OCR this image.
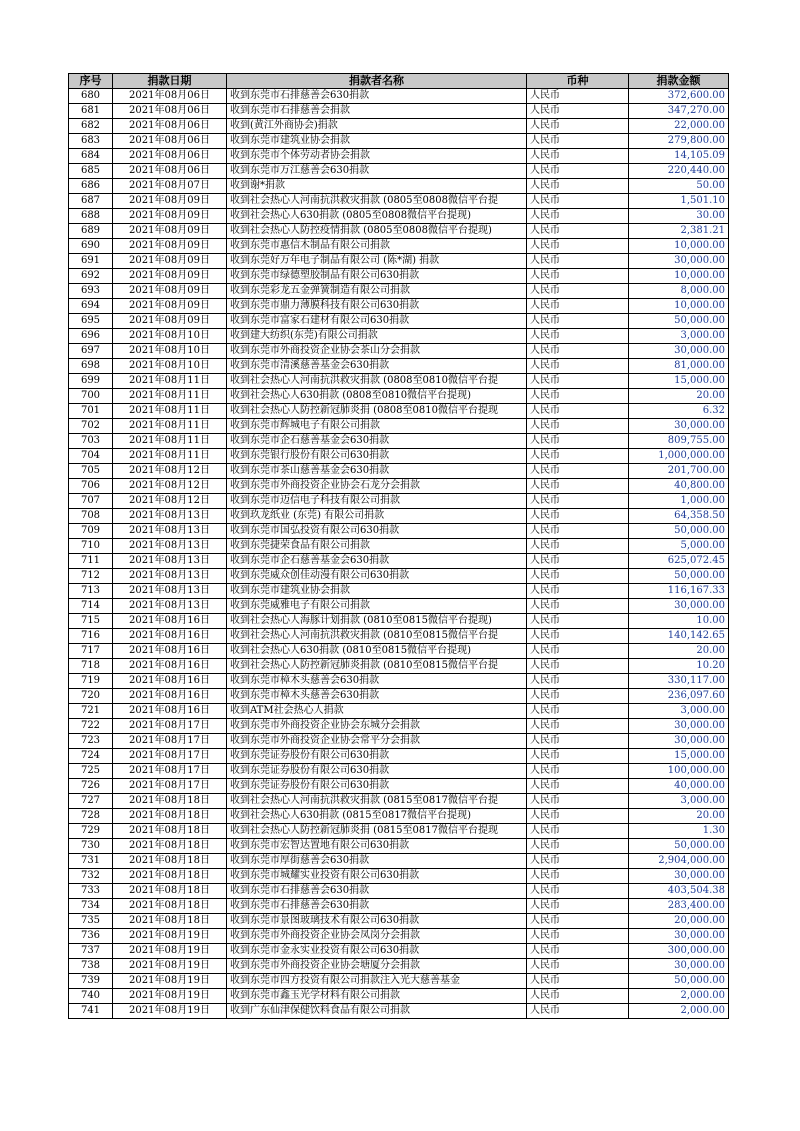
序号	捐款日期	捐款者名称	币种	捐款金额
680	2021年08月06日	收到东莞市石排慈善会630捐款	人民币	372,600.00
681	2021年08月06日	收到东莞市石排慈善会捐款	人民币	347,270.00
682	2021年08月06日	收到(黄江外商协会)捐款	人民币	22,000.00
683	2021年08月06日	收到东莞市建筑业协会捐款	人民币	279,800.00
684	2021年08月06日	收到东莞市个体劳动者协会捐款	人民币	14,105.09
685	2021年08月06日	收到东莞市万江慈善会630捐款	人民币	220,440.00
686	2021年08月07日	收到谢*捐款	人民币	50.00
687	2021年08月09日	收到社会热心人河南抗洪救灾捐款 (0805至0808微信平台提	人民币	1,501.10
688	2021年08月09日	收到社会热心人630捐款 (0805至0808微信平台提现)	人民币	30.00
689	2021年08月09日	收到社会热心人防控疫情捐款 (0805至0808微信平台提现)	人民币	2,381.21
690	2021年08月09日	收到东莞市惠信木制品有限公司捐款	人民币	10,000.00
691	2021年08月09日	收到东莞好万年电子制品有限公司 (陈*湖) 捐款	人民币	30,000.00
692	2021年08月09日	收到东莞市绿德塑胶制品有限公司630捐款	人民币	10,000.00
693	2021年08月09日	收到东莞彩龙五金弹簧制造有限公司捐款	人民币	8,000.00
694	2021年08月09日	收到东莞市鼎力薄膜科技有限公司630捐款	人民币	10,000.00
695	2021年08月09日	收到东莞市富家石建材有限公司630捐款	人民币	50,000.00
696	2021年08月10日	收到建大纺织(东莞)有限公司捐款	人民币	3,000.00
697	2021年08月10日	收到东莞市外商投资企业协会茶山分会捐款	人民币	30,000.00
698	2021年08月10日	收到东莞市清溪慈善基金会630捐款	人民币	81,000.00
699	2021年08月11日	收到社会热心人河南抗洪救灾捐款 (0808至0810微信平台提	人民币	15,000.00
700	2021年08月11日	收到社会热心人630捐款 (0808至0810微信平台提现)	人民币	20.00
701	2021年08月11日	收到社会热心人防控新冠肺炎捐 (0808至0810微信平台提现	人民币	6.32
702	2021年08月11日	收到东莞市辉城电子有限公司捐款	人民币	30,000.00
703	2021年08月11日	收到东莞市企石慈善基金会630捐款	人民币	809,755.00
704	2021年08月11日	收到东莞银行股份有限公司630捐款	人民币	1,000,000.00
705	2021年08月12日	收到东莞市茶山慈善基金会630捐款	人民币	201,700.00
706	2021年08月12日	收到东莞市外商投资企业协会石龙分会捐款	人民币	40,800.00
707	2021年08月12日	收到东莞市迈信电子科技有限公司捐款	人民币	1,000.00
708	2021年08月13日	收到玖龙纸业 (东莞) 有限公司捐款	人民币	64,358.50
709	2021年08月13日	收到东莞市国弘投资有限公司630捐款	人民币	50,000.00
710	2021年08月13日	收到东莞捷荣食品有限公司捐款	人民币	5,000.00
711	2021年08月13日	收到东莞市企石慈善基金会630捐款	人民币	625,072.45
712	2021年08月13日	收到东莞威众创佳动漫有限公司630捐款	人民币	50,000.00
713	2021年08月13日	收到东莞市建筑业协会捐款	人民币	116,167.33
714	2021年08月13日	收到东莞威雅电子有限公司捐款	人民币	30,000.00
715	2021年08月16日	收到社会热心人海豚计划捐款 (0810至0815微信平台提现)	人民币	10.00
716	2021年08月16日	收到社会热心人河南抗洪救灾捐款 (0810至0815微信平台提	人民币	140,142.65
717	2021年08月16日	收到社会热心人630捐款 (0810至0815微信平台提现)	人民币	20.00
718	2021年08月16日	收到社会热心人防控新冠肺炎捐款 (0810至0815微信平台提	人民币	10.20
719	2021年08月16日	收到东莞市樟木头慈善会630捐款	人民币	330,117.00
720	2021年08月16日	收到东莞市樟木头慈善会630捐款	人民币	236,097.60
721	2021年08月16日	收到ATM社会热心人捐款	人民币	3,000.00
722	2021年08月17日	收到东莞市外商投资企业协会东城分会捐款	人民币	30,000.00
723	2021年08月17日	收到东莞市外商投资企业协会常平分会捐款	人民币	30,000.00
724	2021年08月17日	收到东莞证券股份有限公司630捐款	人民币	15,000.00
725	2021年08月17日	收到东莞证券股份有限公司630捐款	人民币	100,000.00
726	2021年08月17日	收到东莞证券股份有限公司630捐款	人民币	40,000.00
727	2021年08月18日	收到社会热心人河南抗洪救灾捐款 (0815至0817微信平台提	人民币	3,000.00
728	2021年08月18日	收到社会热心人630捐款 (0815至0817微信平台提现)	人民币	20.00
729	2021年08月18日	收到社会热心人防控新冠肺炎捐 (0815至0817微信平台提现	人民币	1.30
730	2021年08月18日	收到东莞市宏智达置地有限公司630捐款	人民币	50,000.00
731	2021年08月18日	收到东莞市厚街慈善会630捐款	人民币	2,904,000.00
732	2021年08月18日	收到东莞市城耀实业投资有限公司630捐款	人民币	30,000.00
733	2021年08月18日	收到东莞市石排慈善会630捐款	人民币	403,504.38
734	2021年08月18日	收到东莞市石排慈善会630捐款	人民币	283,400.00
735	2021年08月18日	收到东莞市景图玻璃技术有限公司630捐款	人民币	20,000.00
736	2021年08月19日	收到东莞市外商投资企业协会凤岗分会捐款	人民币	30,000.00
737	2021年08月19日	收到东莞市金永实业投资有限公司630捐款	人民币	300,000.00
738	2021年08月19日	收到东莞市外商投资企业协会塘厦分会捐款	人民币	30,000.00
739	2021年08月19日	收到东莞市四方投资有限公司捐款注入光大慈善基金	人民币	50,000.00
740	2021年08月19日	收到东莞市鑫玉光学材料有限公司捐款	人民币	2,000.00
741	2021年08月19日	收到广东仙津保健饮料食品有限公司捐款	人民币	2,000.00
